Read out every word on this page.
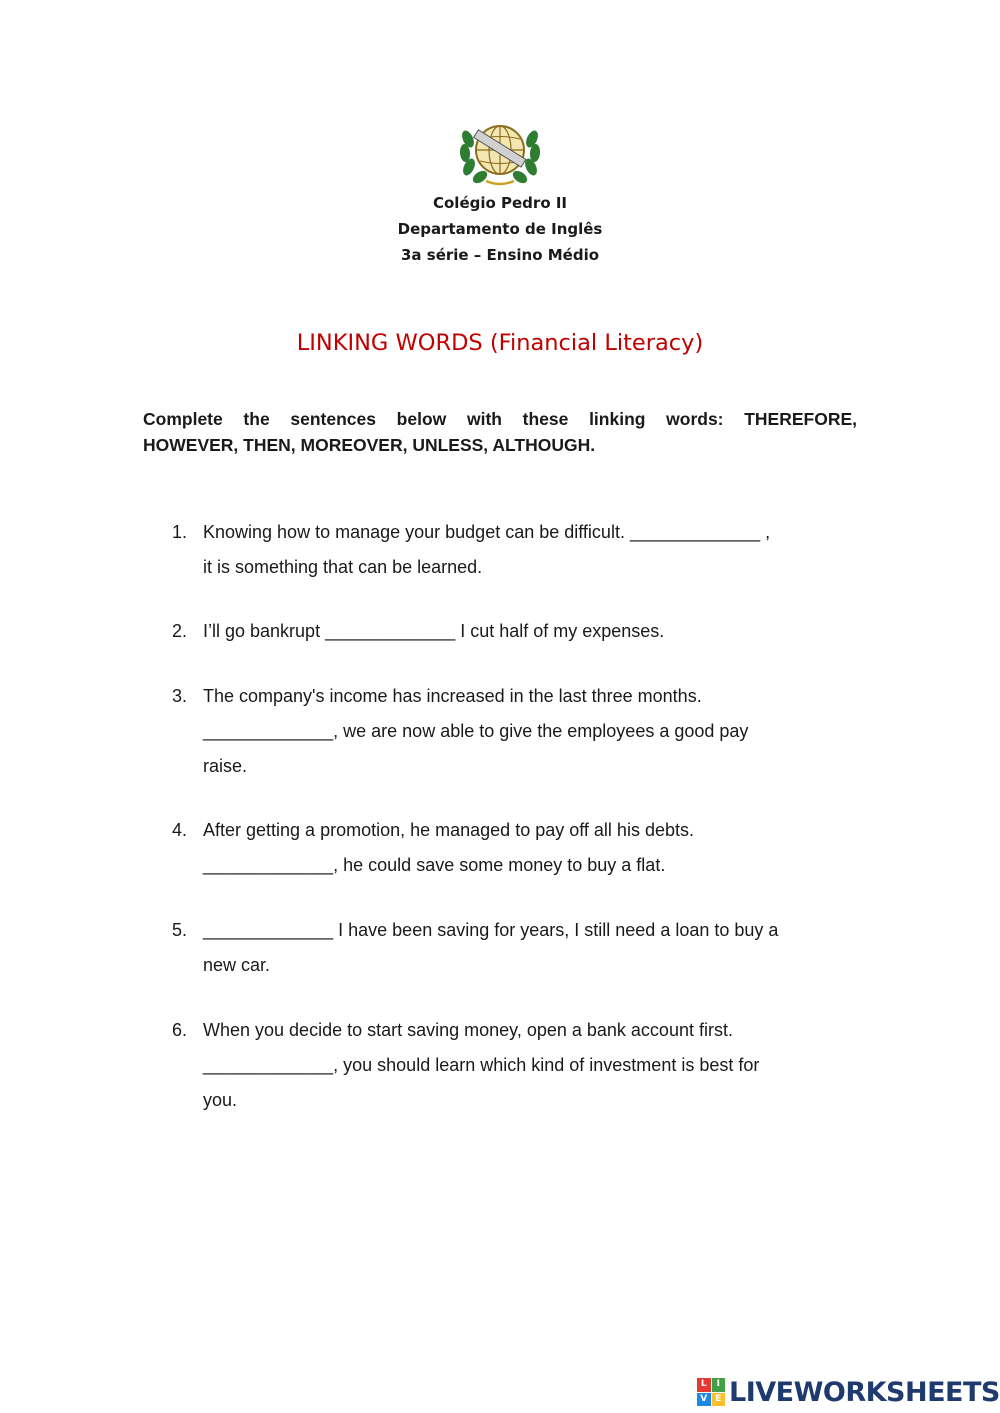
Colégio Pedro II
Departamento de Inglês
3a série – Ensino Médio
LINKING WORDS (Financial Literacy)
Complete the sentences below with these linking words: THEREFORE,
HOWEVER, THEN, MOREOVER, UNLESS, ALTHOUGH.
1. Knowing how to manage your budget can be difficult. _____________ ,
it is something that can be learned.
2. I’ll go bankrupt _____________ I cut half of my expenses.
3. The company's income has increased in the last three months.
_____________, we are now able to give the employees a good pay
raise.
4. After getting a promotion, he managed to pay off all his debts.
_____________, he could save some money to buy a flat.
5. _____________ I have been saving for years, I still need a loan to buy a
new car.
6. When you decide to start saving money, open a bank account first.
_____________, you should learn which kind of investment is best for
you.
L	I
V E LIVEWORKSHEETS
